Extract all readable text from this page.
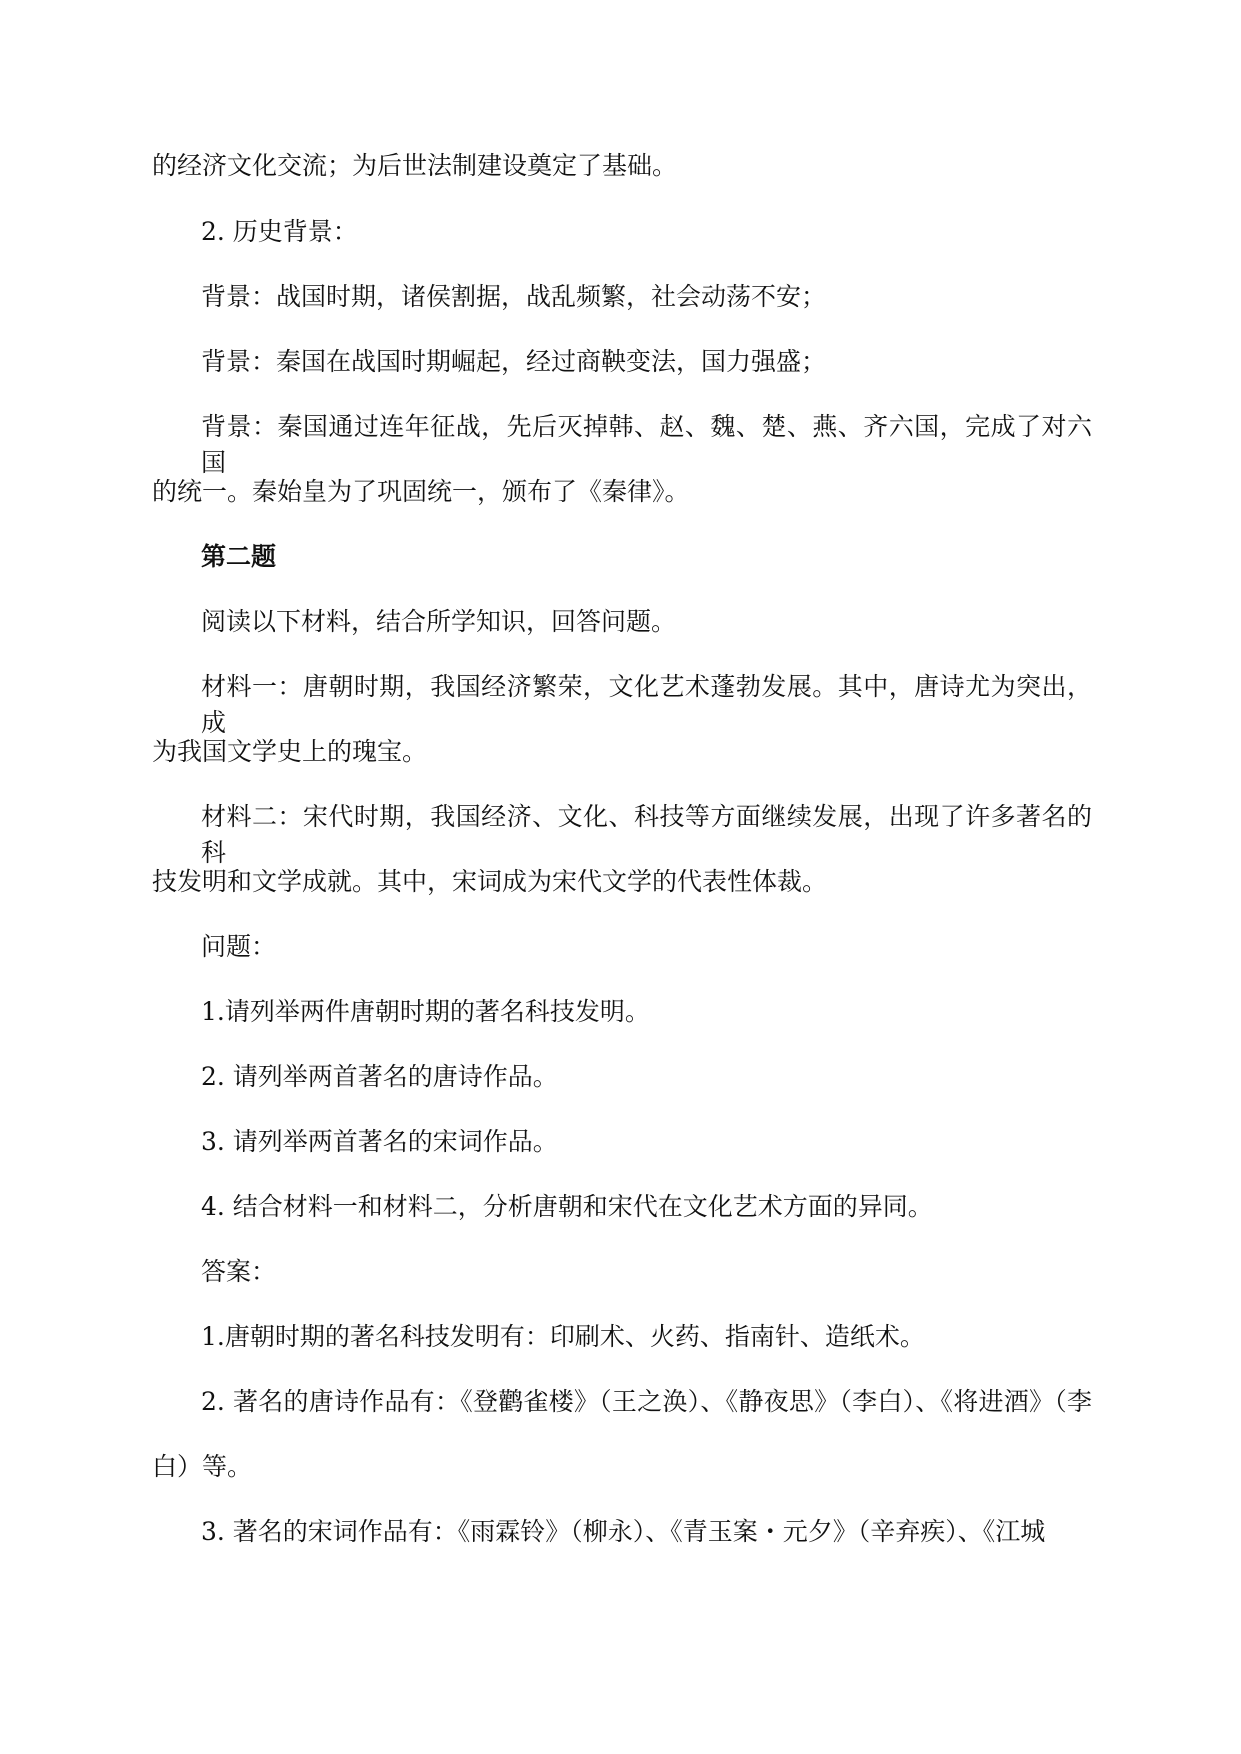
的经济文化交流；为后世法制建设奠定了基础。
2. 历史背景：
背景：战国时期，诸侯割据，战乱频繁，社会动荡不安；
背景：秦国在战国时期崛起，经过商鞅变法，国力强盛；
背景：秦国通过连年征战，先后灭掉韩、赵、魏、楚、燕、齐六国，完成了对六国
的统一。秦始皇为了巩固统一，颁布了《秦律》。
第二题
阅读以下材料，结合所学知识，回答问题。
材料一：唐朝时期，我国经济繁荣，文化艺术蓬勃发展。其中，唐诗尤为突出，成
为我国文学史上的瑰宝。
材料二：宋代时期，我国经济、文化、科技等方面继续发展，出现了许多著名的科
技发明和文学成就。其中，宋词成为宋代文学的代表性体裁。
问题：
1.请列举两件唐朝时期的著名科技发明。
2. 请列举两首著名的唐诗作品。
3. 请列举两首著名的宋词作品。
4. 结合材料一和材料二，分析唐朝和宋代在文化艺术方面的异同。
答案：
1.唐朝时期的著名科技发明有：印刷术、火药、指南针、造纸术。
2. 著名的唐诗作品有：《登鹳雀楼》（王之涣）、《静夜思》（李白）、《将进酒》（李
白）等。
3. 著名的宋词作品有：《雨霖铃》（柳永）、《青玉案・元夕》（辛弃疾）、《江城
